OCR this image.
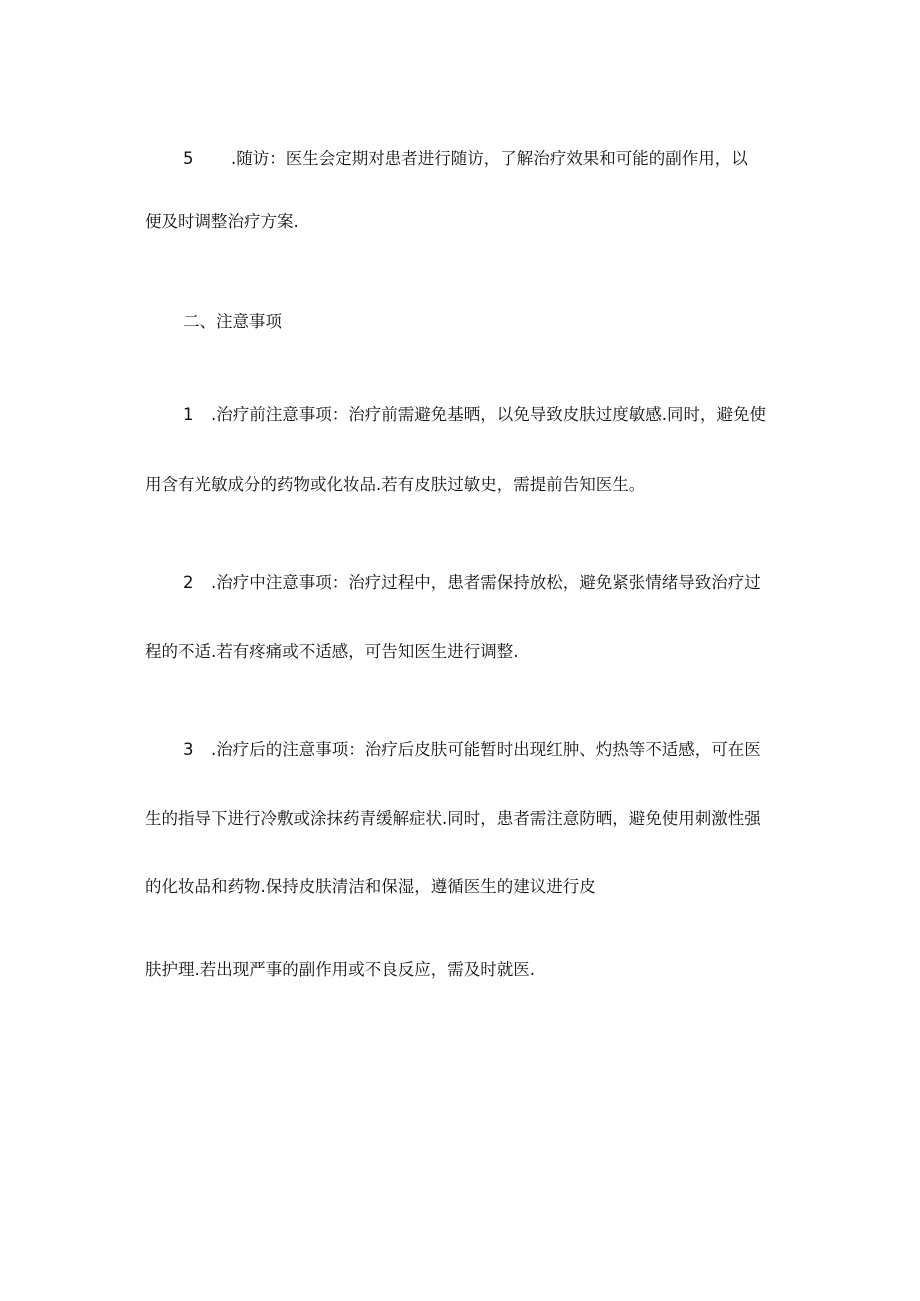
5 .随访：医生会定期对患者进行随访，了解治疗效果和可能的副作用，以
便及时调整治疗方案.
二、注意事项
1 .治疗前注意事项：治疗前需避免基晒，以免导致皮肤过度敏感.同时，避免使
用含有光敏成分的药物或化妆品.若有皮肤过敏史，需提前告知医生。
2 .治疗中注意事项：治疗过程中，患者需保持放松，避免紧张情绪导致治疗过
程的不适.若有疼痛或不适感，可告知医生进行调整.
3 .治疗后的注意事项：治疗后皮肤可能暂时出现红肿、灼热等不适感，可在医
生的指导下进行冷敷或涂抹药青缓解症状.同时，患者需注意防晒，避免使用刺激性强
的化妆品和药物.保持皮肤清洁和保湿，遵循医生的建议进行皮
肤护理.若出现严事的副作用或不良反应，需及时就医.
